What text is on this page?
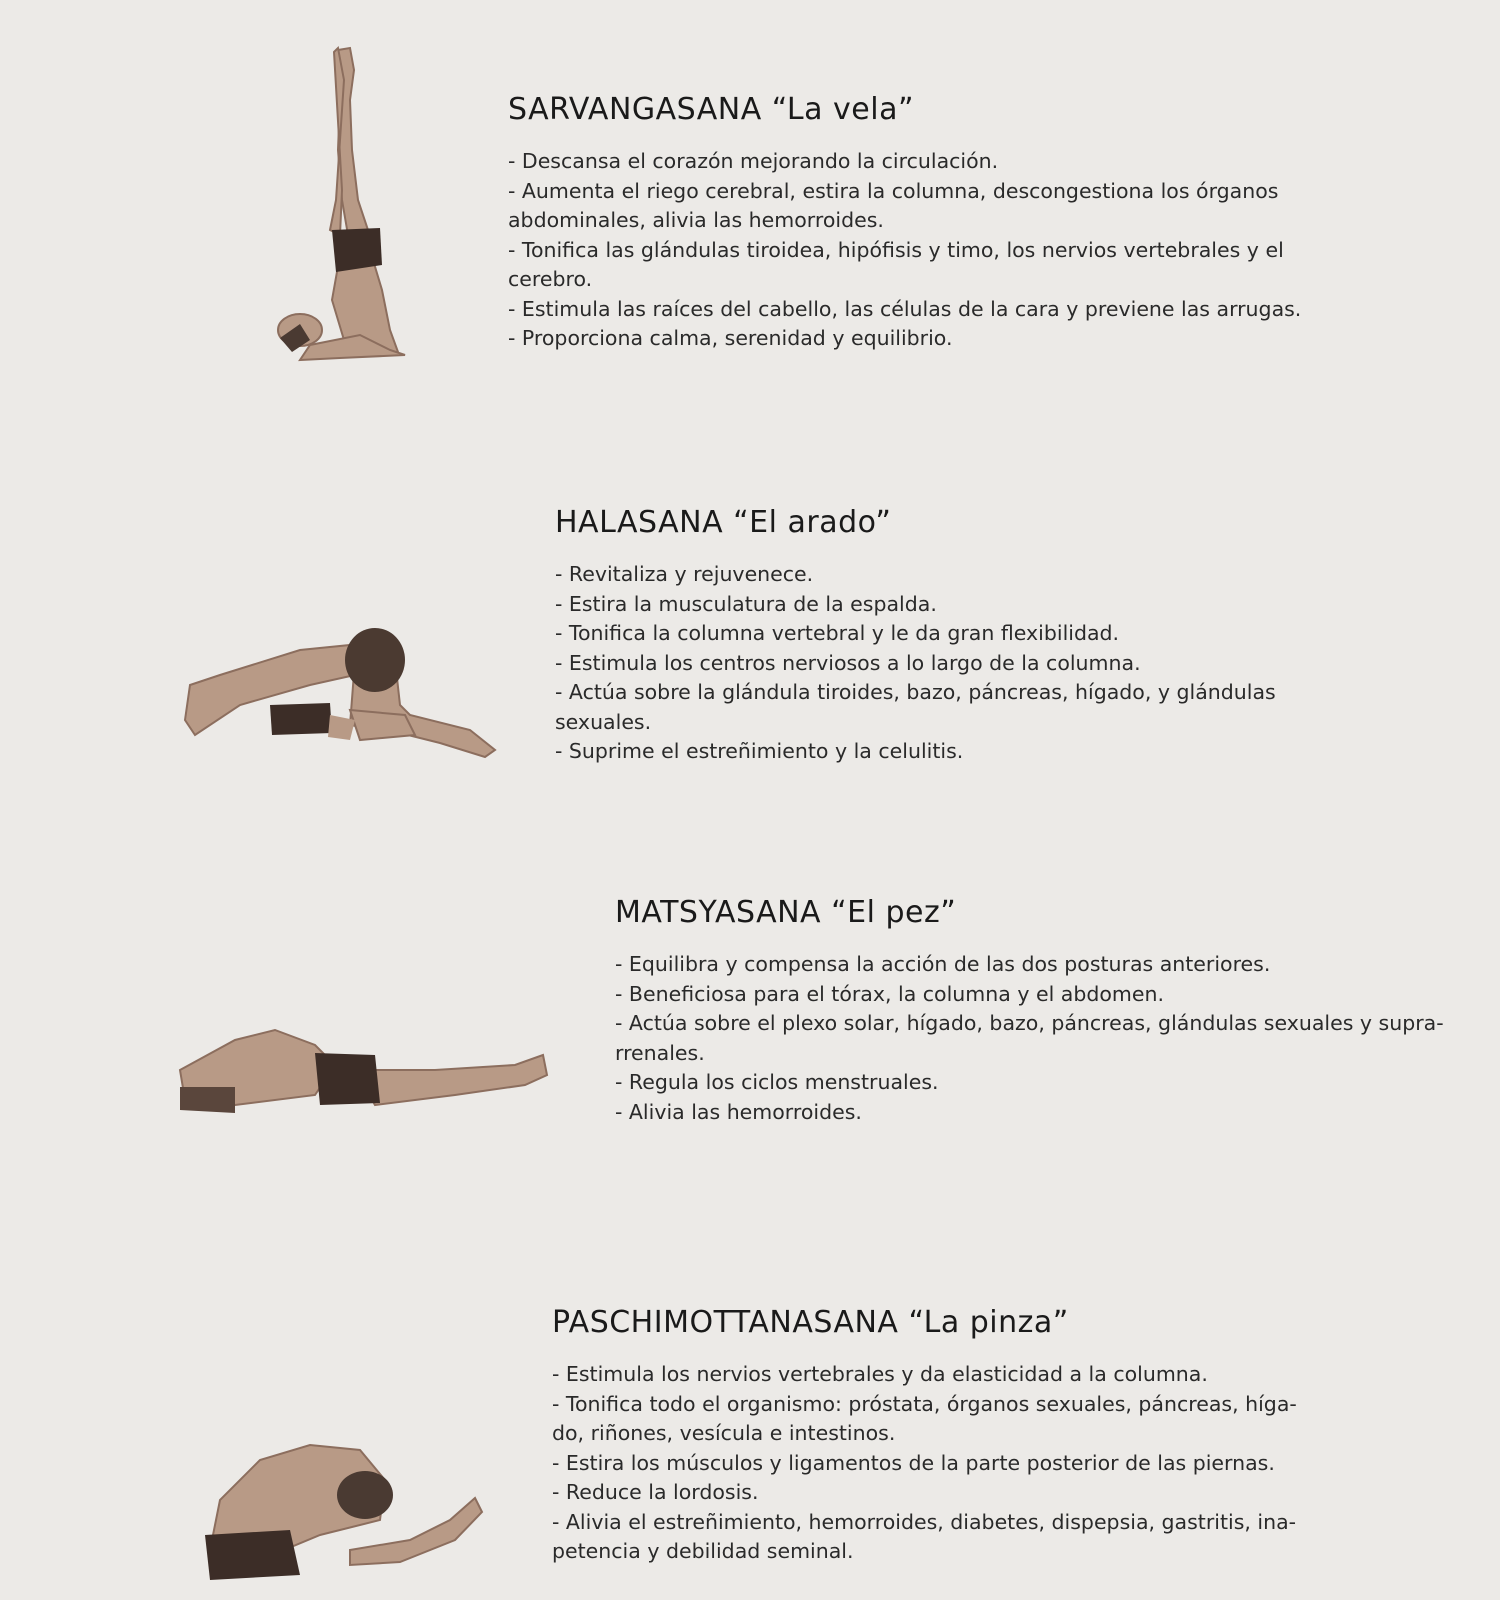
SARVANGASANA “La vela”
- Descansa el corazón mejorando la circulación.
- Aumenta el riego cerebral, estira la columna, descongestiona los órganos
abdominales, alivia las hemorroides.
- Tonifica las glándulas tiroidea, hipófisis y timo, los nervios vertebrales y el
cerebro.
- Estimula las raíces del cabello, las células de la cara y previene las arrugas.
- Proporciona calma, serenidad y equilibrio.
HALASANA “El arado”
- Revitaliza y rejuvenece.
- Estira la musculatura de la espalda.
- Tonifica la columna vertebral y le da gran flexibilidad.
- Estimula los centros nerviosos a lo largo de la columna.
- Actúa sobre la glándula tiroides, bazo, páncreas, hígado, y glándulas
sexuales.
- Suprime el estreñimiento y la celulitis.
MATSYASANA “El pez”
- Equilibra y compensa la acción de las dos posturas anteriores.
- Beneficiosa para el tórax, la columna y el abdomen.
- Actúa sobre el plexo solar, hígado, bazo, páncreas, glándulas sexuales y supra-
rrenales.
- Regula los ciclos menstruales.
- Alivia las hemorroides.
PASCHIMOTTANASANA “La pinza”
- Estimula los nervios vertebrales y da elasticidad a la columna.
- Tonifica todo el organismo: próstata, órganos sexuales, páncreas, híga-
do, riñones, vesícula e intestinos.
- Estira los músculos y ligamentos de la parte posterior de las piernas.
- Reduce la lordosis.
- Alivia el estreñimiento, hemorroides, diabetes, dispepsia, gastritis, ina-
petencia y debilidad seminal.
